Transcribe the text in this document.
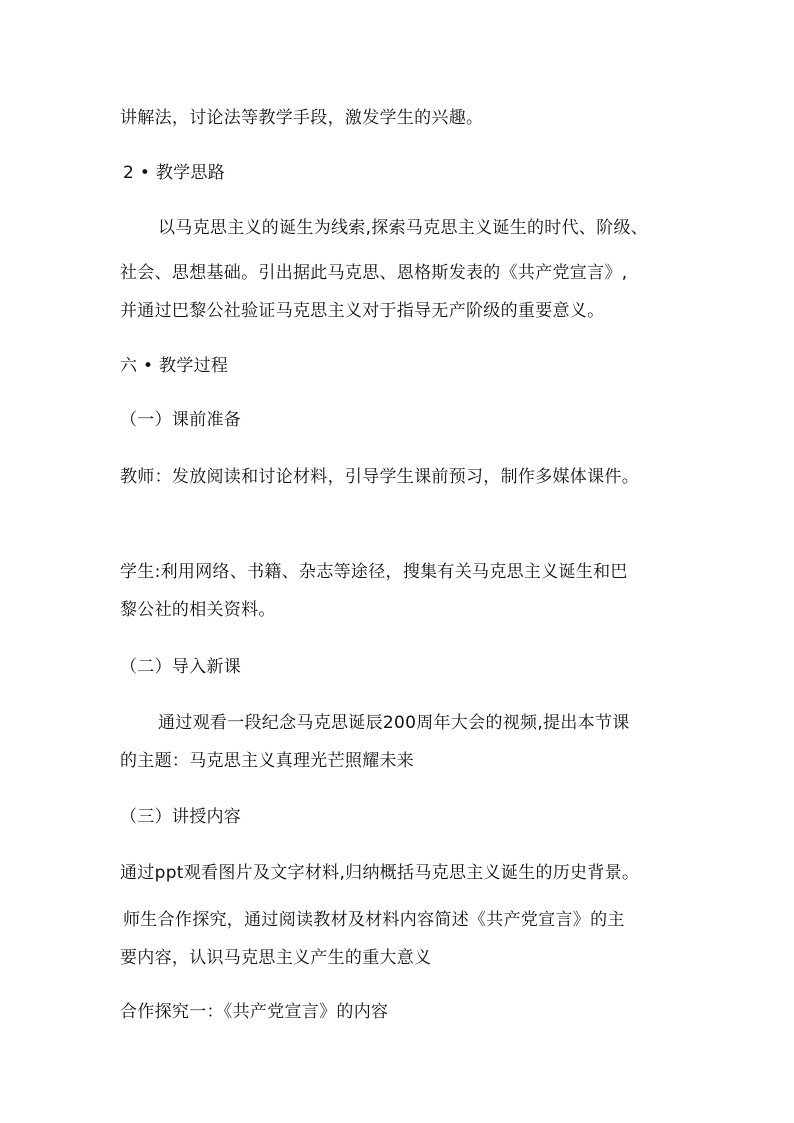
讲解法，讨论法等教学手段，激发学生的兴趣。
2 • 教学思路
以马克思主义的诞生为线索,探索马克思主义诞生的时代、阶级、
社会、思想基础。引出据此马克思、恩格斯发表的《共产党宣言》,
并通过巴黎公社验证马克思主义对于指导无产阶级的重要意义。
六 • 教学过程
（一）课前准备
教师：发放阅读和讨论材料，引导学生课前预习，制作多媒体课件。
学生:利用网络、书籍、杂志等途径，搜集有关马克思主义诞生和巴
黎公社的相关资料。
（二）导入新课
通过观看一段纪念马克思诞辰200周年大会的视频,提出本节课
的主题：马克思主义真理光芒照耀未来
（三）讲授内容
通过ppt观看图片及文字材料,归纳概括马克思主义诞生的历史背景。
师生合作探究，通过阅读教材及材料内容简述《共产党宣言》的主
要内容，认识马克思主义产生的重大意义
合作探究一：《共产党宣言》的内容
